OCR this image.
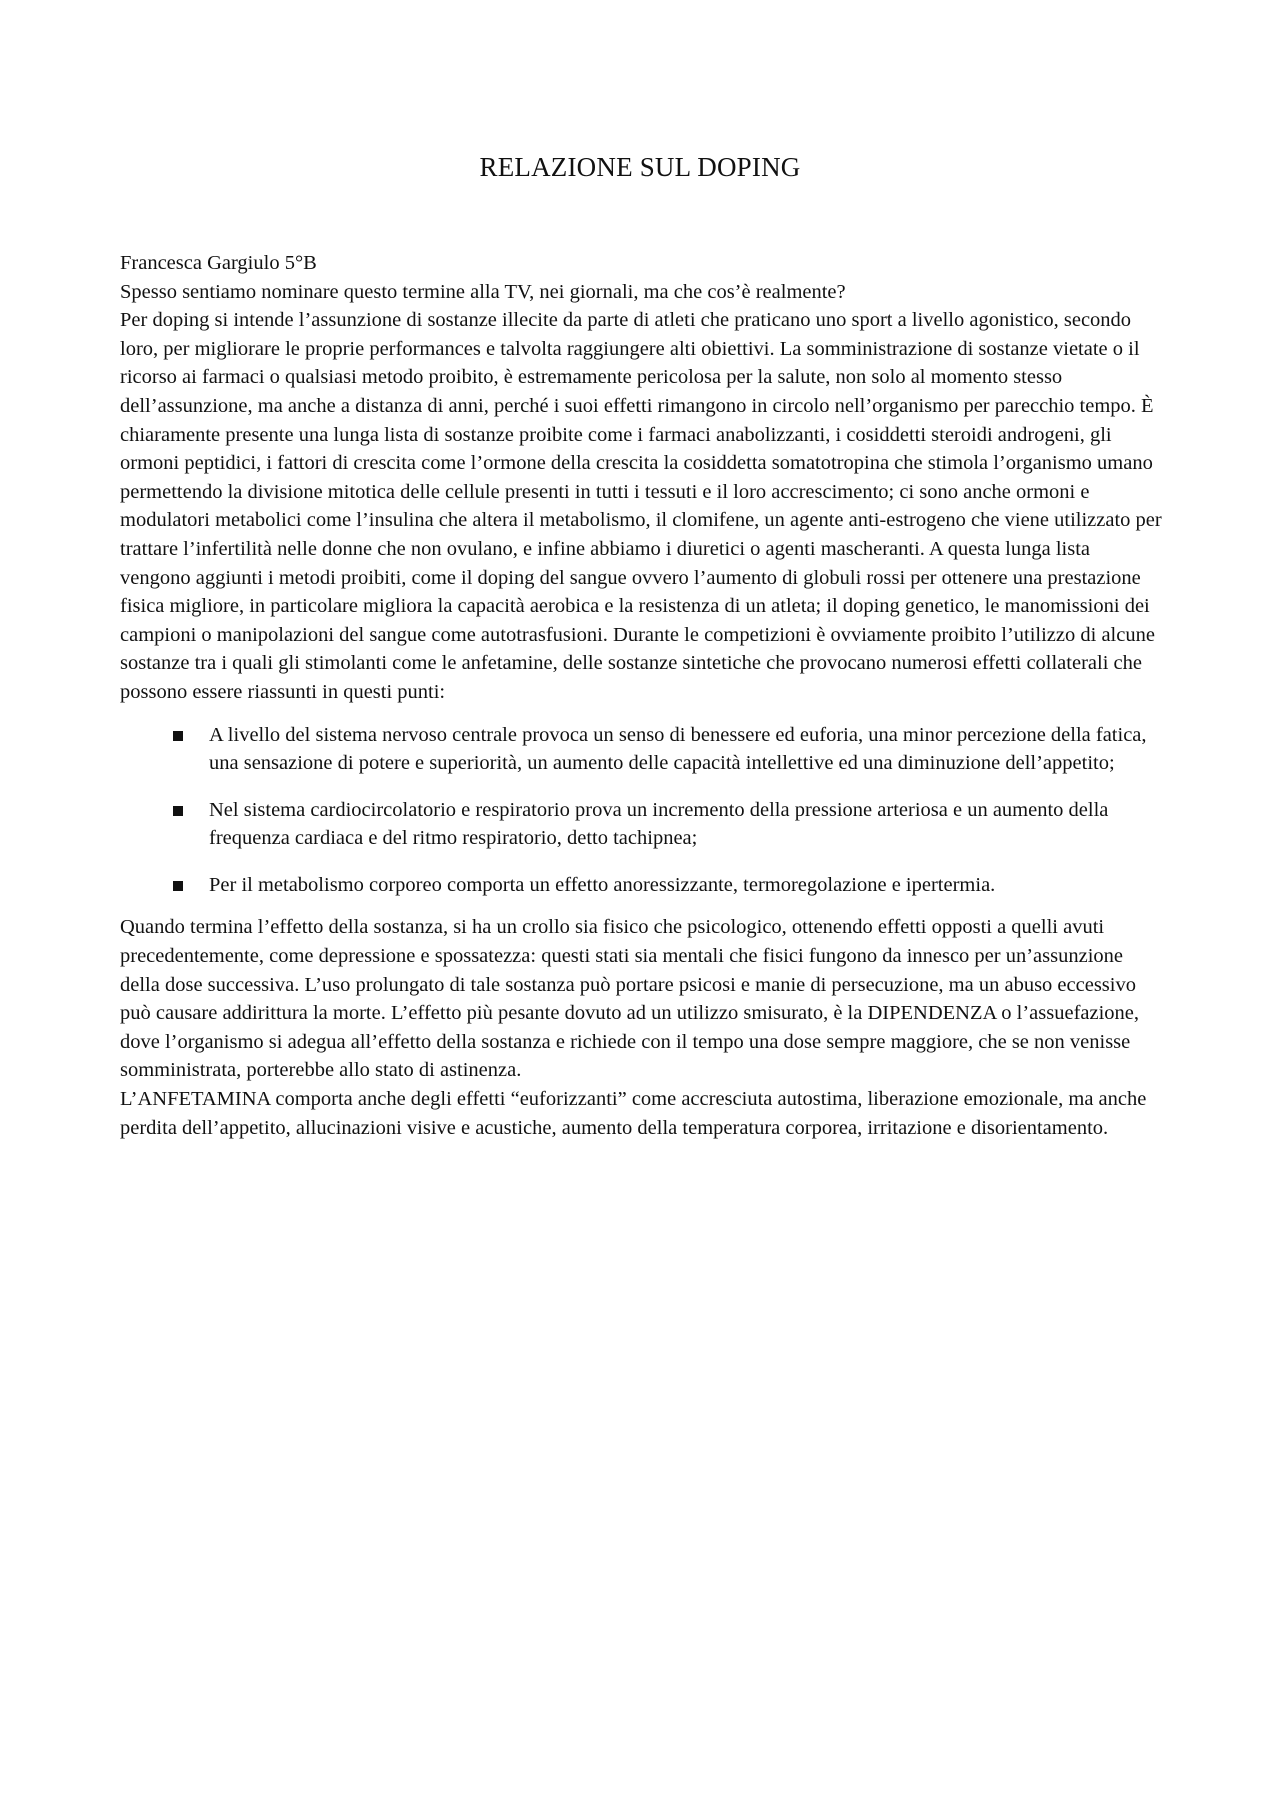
RELAZIONE SUL DOPING

Francesca Gargiulo 5°B

Spesso sentiamo nominare questo termine alla TV, nei giornali, ma che cos’è realmente?

Per doping si intende l’assunzione di sostanze illecite da parte di atleti che praticano uno sport a livello agonistico, secondo loro, per migliorare le proprie performances e talvolta raggiungere alti obiettivi. La somministrazione di sostanze vietate o il ricorso ai farmaci o qualsiasi metodo proibito, è estremamente pericolosa per la salute, non solo al momento stesso dell’assunzione, ma anche a distanza di anni, perché i suoi effetti rimangono in circolo nell’organismo per parecchio tempo. È chiaramente presente una lunga lista di sostanze proibite come i farmaci anabolizzanti, i cosiddetti steroidi androgeni, gli ormoni peptidici, i fattori di crescita come l’ormone della crescita la cosiddetta somatotropina che stimola l’organismo umano permettendo la divisione mitotica delle cellule presenti in tutti i tessuti e il loro accrescimento; ci sono anche ormoni e modulatori metabolici come l’insulina che altera il metabolismo, il clomifene, un agente anti-estrogeno che viene utilizzato per trattare l’infertilità nelle donne che non ovulano, e infine abbiamo i diuretici o agenti mascheranti. A questa lunga lista vengono aggiunti i metodi proibiti, come il doping del sangue ovvero l’aumento di globuli rossi per ottenere una prestazione fisica migliore, in particolare migliora la capacità aerobica e la resistenza di un atleta; il doping genetico, le manomissioni dei campioni o manipolazioni del sangue come autotrasfusioni. Durante le competizioni è ovviamente proibito l’utilizzo di alcune sostanze tra i quali gli stimolanti come le anfetamine, delle sostanze sintetiche che provocano numerosi effetti collaterali che possono essere riassunti in questi punti:

A livello del sistema nervoso centrale provoca un senso di benessere ed euforia, una minor percezione della fatica, una sensazione di potere e superiorità, un aumento delle capacità intellettive ed una diminuzione dell’appetito;
Nel sistema cardiocircolatorio e respiratorio prova un incremento della pressione arteriosa e un aumento della frequenza cardiaca e del ritmo respiratorio, detto tachipnea;
Per il metabolismo corporeo comporta un effetto anoressizzante, termoregolazione e ipertermia.

Quando termina l’effetto della sostanza, si ha un crollo sia fisico che psicologico, ottenendo effetti opposti a quelli avuti precedentemente, come depressione e spossatezza: questi stati sia mentali che fisici fungono da innesco per un’assunzione della dose successiva. L’uso prolungato di tale sostanza può portare psicosi e manie di persecuzione, ma un abuso eccessivo può causare addirittura la morte. L’effetto più pesante dovuto ad un utilizzo smisurato, è la DIPENDENZA o l’assuefazione, dove l’organismo si adegua all’effetto della sostanza e richiede con il tempo una dose sempre maggiore, che se non venisse somministrata, porterebbe allo stato di astinenza.

L’ANFETAMINA comporta anche degli effetti “euforizzanti” come accresciuta autostima, liberazione emozionale, ma anche perdita dell’appetito, allucinazioni visive e acustiche, aumento della temperatura corporea, irritazione e disorientamento.
